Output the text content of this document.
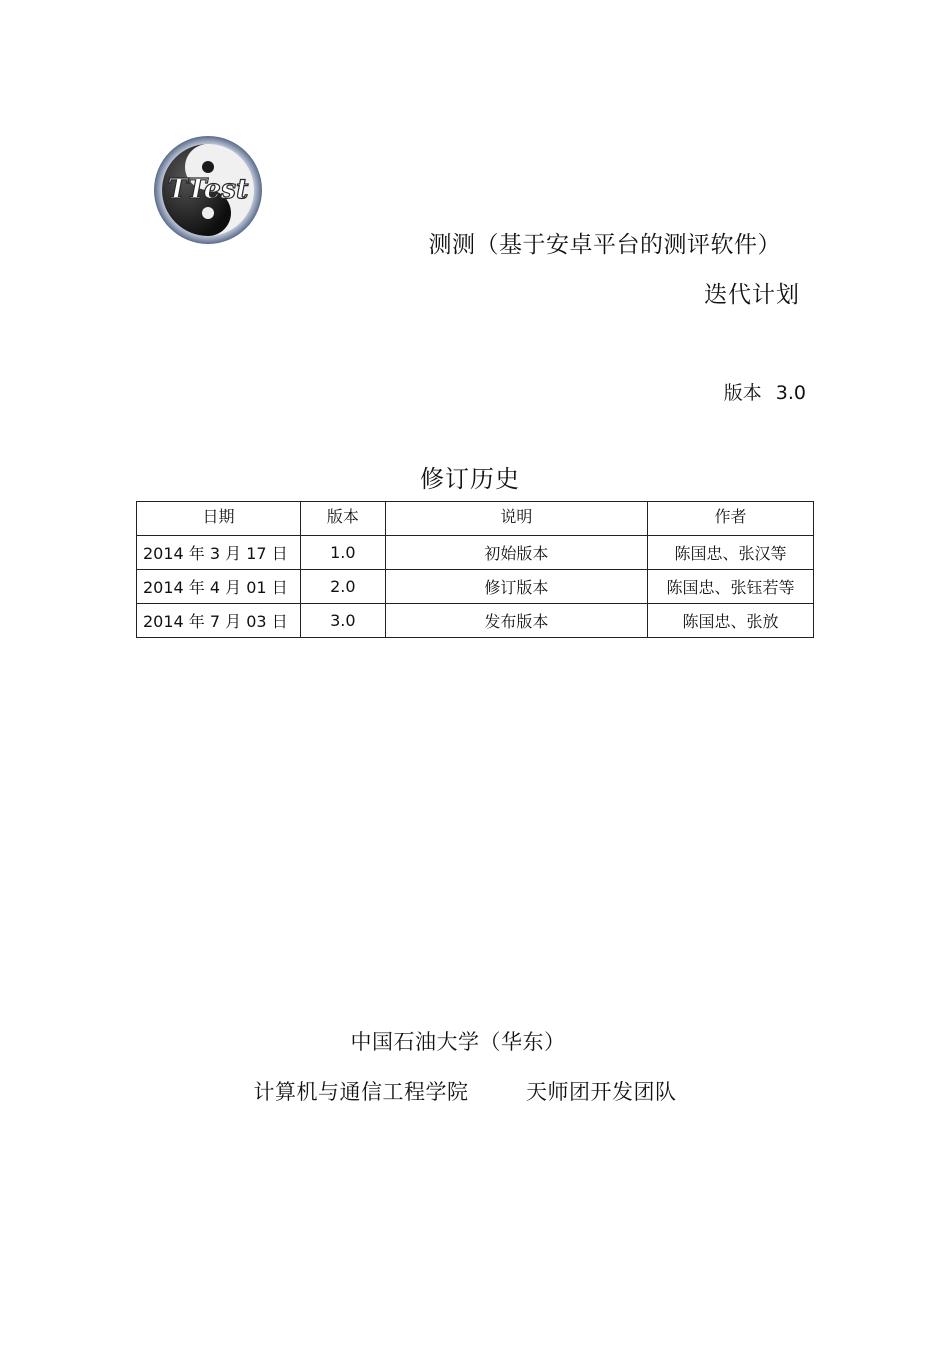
TTest
测测（基于安卓平台的测评软件）
迭代计划
版本 3.0
修订历史
日期	版本	说明	作者
2014 年 3 月 17 日	1.0	初始版本	陈国忠、张汉等
2014 年 4 月 01 日	2.0	修订版本	陈国忠、张钰若等
2014 年 7 月 03 日	3.0	发布版本	陈国忠、张放
中国石油大学（华东）
计算机与通信工程学院	天师团开发团队
